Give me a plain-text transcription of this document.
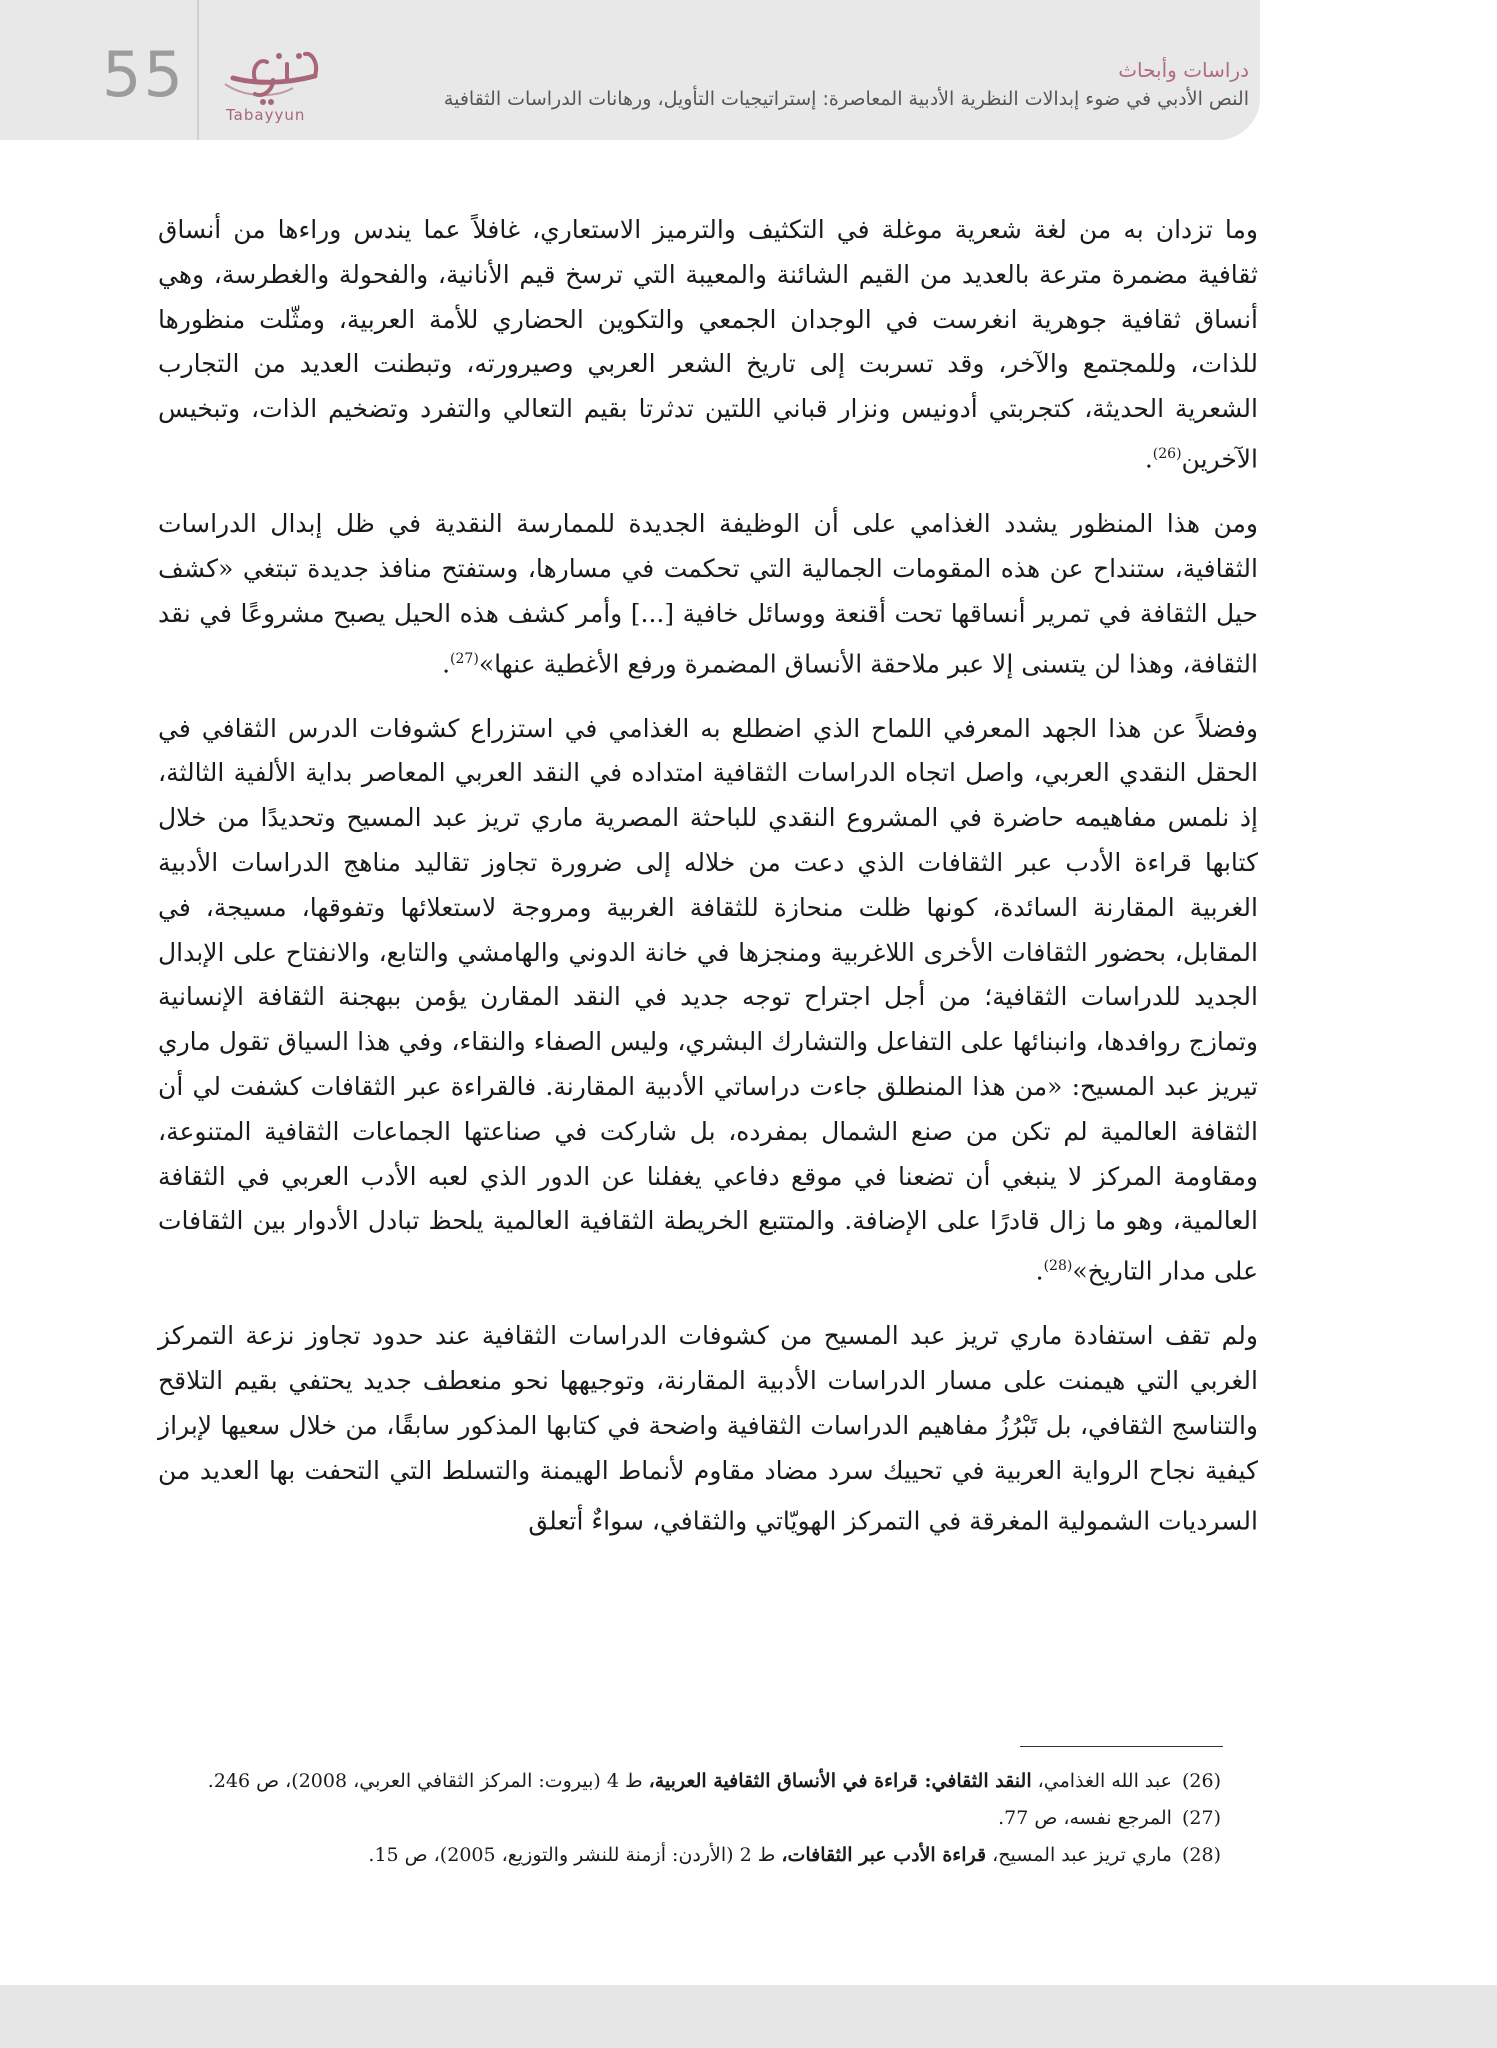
55
Tabayyun
دراسات وأبحاث
النص الأدبي في ضوء إبدالات النظرية الأدبية المعاصرة: إستراتيجيات التأويل، ورهانات الدراسات الثقافية

وما تزدان به من لغة شعرية موغلة في التكثيف والترميز الاستعاري، غافلاً عما يندس وراءها من أنساق ثقافية مضمرة مترعة بالعديد من القيم الشائنة والمعيبة التي ترسخ قيم الأنانية، والفحولة والغطرسة، وهي أنساق ثقافية جوهرية انغرست في الوجدان الجمعي والتكوين الحضاري للأمة العربية، ومثّلت منظورها للذات، وللمجتمع والآخر، وقد تسربت إلى تاريخ الشعر العربي وصيرورته، وتبطنت العديد من التجارب الشعرية الحديثة، كتجربتي أدونيس ونزار قباني اللتين تدثرتا بقيم التعالي والتفرد وتضخيم الذات، وتبخيس الآخرين$^{(26)}$.

ومن هذا المنظور يشدد الغذامي على أن الوظيفة الجديدة للممارسة النقدية في ظل إبدال الدراسات الثقافية، ستنداح عن هذه المقومات الجمالية التي تحكمت في مسارها، وستفتح منافذ جديدة تبتغي «كشف حيل الثقافة في تمرير أنساقها تحت أقنعة ووسائل خافية [...] وأمر كشف هذه الحيل يصبح مشروعًا في نقد الثقافة، وهذا لن يتسنى إلا عبر ملاحقة الأنساق المضمرة ورفع الأغطية عنها»$^{(27)}$.

وفضلاً عن هذا الجهد المعرفي اللماح الذي اضطلع به الغذامي في استزراع كشوفات الدرس الثقافي في الحقل النقدي العربي، واصل اتجاه الدراسات الثقافية امتداده في النقد العربي المعاصر بداية الألفية الثالثة، إذ نلمس مفاهيمه حاضرة في المشروع النقدي للباحثة المصرية ماري تريز عبد المسيح وتحديدًا من خلال كتابها قراءة الأدب عبر الثقافات الذي دعت من خلاله إلى ضرورة تجاوز تقاليد مناهج الدراسات الأدبية الغربية المقارنة السائدة، كونها ظلت منحازة للثقافة الغربية ومروجة لاستعلائها وتفوقها، مسيجة، في المقابل، بحضور الثقافات الأخرى اللاغربية ومنجزها في خانة الدوني والهامشي والتابع، والانفتاح على الإبدال الجديد للدراسات الثقافية؛ من أجل اجتراح توجه جديد في النقد المقارن يؤمن ببهجنة الثقافة الإنسانية وتمازج روافدها، وانبنائها على التفاعل والتشارك البشري، وليس الصفاء والنقاء، وفي هذا السياق تقول ماري تيريز عبد المسيح: «من هذا المنطلق جاءت دراساتي الأدبية المقارنة. فالقراءة عبر الثقافات كشفت لي أن الثقافة العالمية لم تكن من صنع الشمال بمفرده، بل شاركت في صناعتها الجماعات الثقافية المتنوعة، ومقاومة المركز لا ينبغي أن تضعنا في موقع دفاعي يغفلنا عن الدور الذي لعبه الأدب العربي في الثقافة العالمية، وهو ما زال قادرًا على الإضافة. والمتتبع الخريطة الثقافية العالمية يلحظ تبادل الأدوار بين الثقافات على مدار التاريخ»$^{(28)}$.

ولم تقف استفادة ماري تريز عبد المسيح من كشوفات الدراسات الثقافية عند حدود تجاوز نزعة التمركز الغربي التي هيمنت على مسار الدراسات الأدبية المقارنة، وتوجيهها نحو منعطف جديد يحتفي بقيم التلاقح والتناسج الثقافي، بل تَبْرُزُ مفاهيم الدراسات الثقافية واضحة في كتابها المذكور سابقًا، من خلال سعيها لإبراز كيفية نجاح الرواية العربية في تحييك سرد مضاد مقاوم لأنماط الهيمنة والتسلط التي التحفت بها العديد من السرديات الشمولية المغرقة في التمركز الهويّاتي والثقافي، سواءٌ أتعلق

(26)عبد الله الغذامي، النقد الثقافي: قراءة في الأنساق الثقافية العربية، ط 4 (بيروت: المركز الثقافي العربي، 2008)، ص 246.
(27)المرجع نفسه، ص 77.
(28)ماري تريز عبد المسيح، قراءة الأدب عبر الثقافات، ط 2 (الأردن: أزمنة للنشر والتوزيع، 2005)، ص 15.
